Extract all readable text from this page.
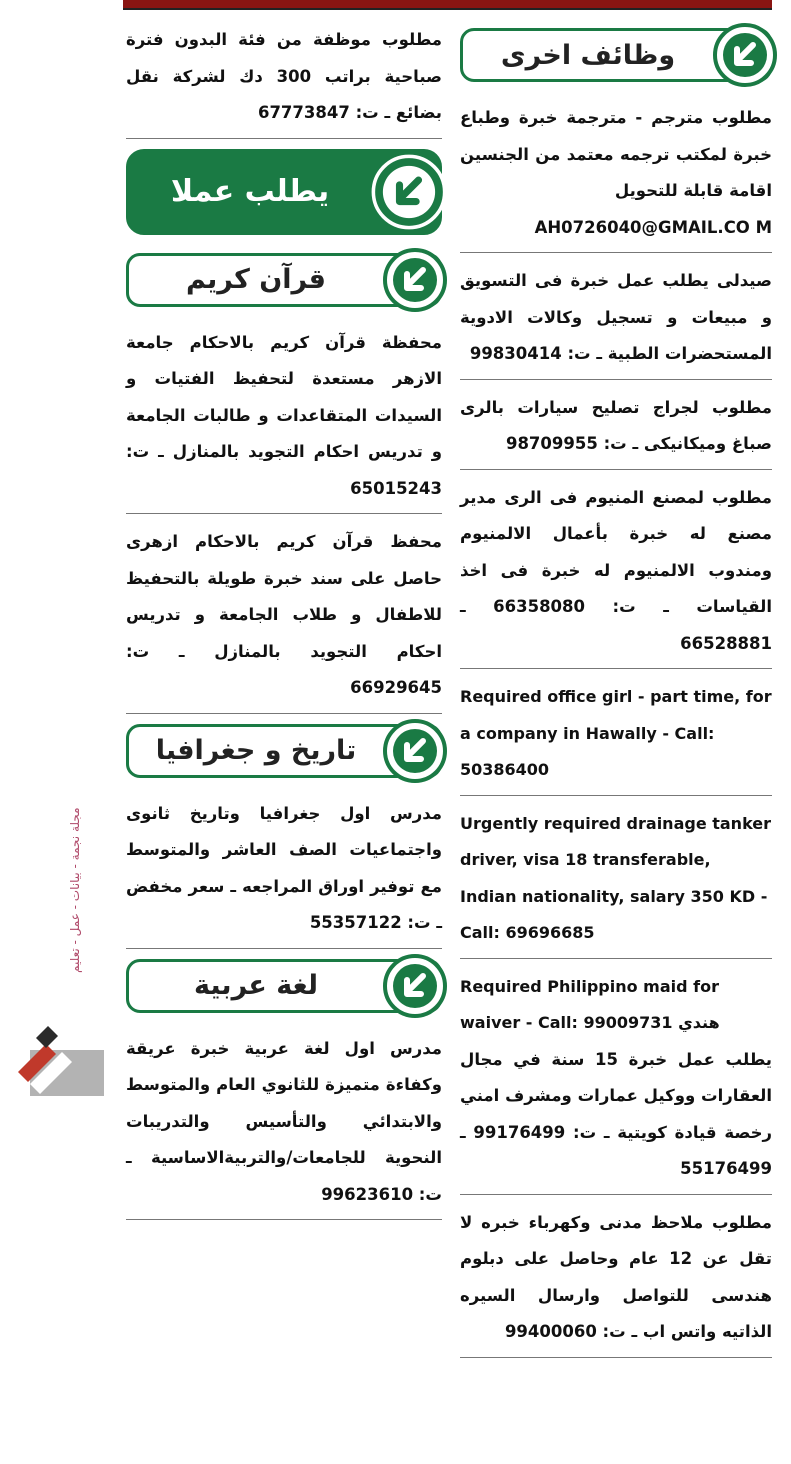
وظائف اخرى
مطلوب مترجم - مترجمة خبرة وطباع خبرة لمكتب ترجمه معتمد من الجنسين اقامة قابلة للتحويل
AH0726040@GMAIL.CO M
صيدلى يطلب عمل خبرة فى التسويق و مبيعات و تسجيل وكالات الادوية المستحضرات الطبية ـ ت: 99830414
مطلوب لجراج تصليح سيارات بالرى صباغ وميكانيكى ـ ت: 98709955
مطلوب لمصنع المنيوم فى الرى مدير مصنع له خبرة بأعمال الالمنيوم ومندوب الالمنيوم له خبرة فى اخذ القياسات ـ ت: 66358080 ـ 66528881
Required office girl - part time, for a company in Hawally - Call: 50386400
Urgently required drainage tanker driver, visa 18 transferable, Indian nationality, salary 350 KD - Call: 69696685
Required Philippino maid for waiver - Call: 99009731 هندي
يطلب عمل خبرة 15 سنة في مجال العقارات ووكيل عمارات ومشرف امني رخصة قيادة كويتية ـ ت: 99176499 ـ 55176499
مطلوب ملاحظ مدنى وكهرباء خبره لا تقل عن 12 عام وحاصل على دبلوم هندسى للتواصل وارسال السيره الذاتيه واتس اب ـ ت: 99400060
مطلوب موظفة من فئة البدون فترة صباحية براتب 300 دك لشركة نقل بضائع ـ ت: 67773847
يطلب عملا
قرآن كريم
محفظة قرآن كريم بالاحكام جامعة الازهر مستعدة لتحفيظ الفتيات و السيدات المتقاعدات و طالبات الجامعة و تدريس احكام التجويد بالمنازل ـ ت: 65015243
محفظ قرآن كريم بالاحكام ازهرى حاصل على سند خبرة طويلة بالتحفيظ للاطفال و طلاب الجامعة و تدريس احكام التجويد بالمنازل ـ ت: 66929645
تاريخ و جغرافيا
مدرس اول جغرافيا وتاريخ ثانوى واجتماعيات الصف العاشر والمتوسط مع توفير اوراق المراجعه ـ سعر مخفض ـ ت: 55357122
لغة عربية
مدرس اول لغة عربية خبرة عريقة وكفاءة متميزة للثانوي العام والمتوسط والابتدائي والتأسيس والتدريبات النحوية للجامعات/والتربيةالاساسية ـ ت: 99623610
مجلة نجمة - بيانات - عمل - تعليم
